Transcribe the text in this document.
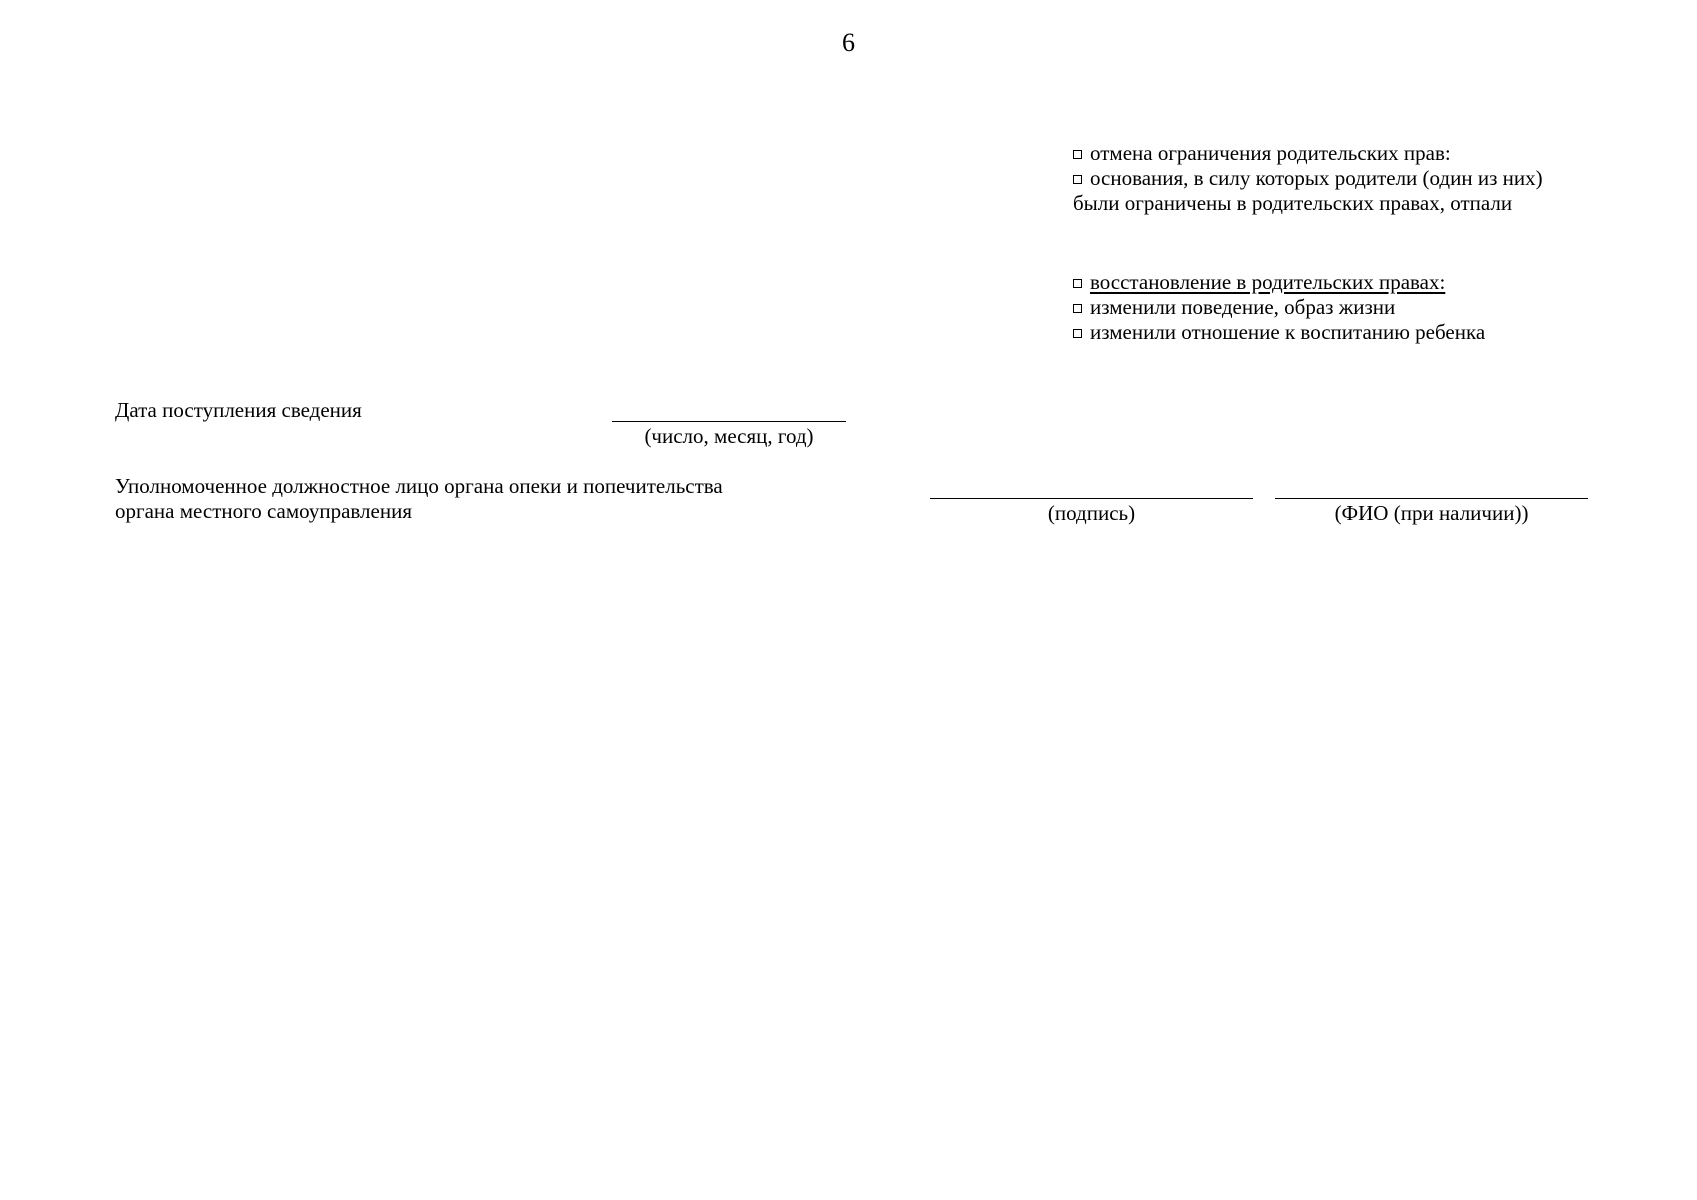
6
отмена ограничения родительских прав:
основания, в силу которых родители (один из них)
были ограничены в родительских правах, отпали
восстановление в родительских правах:
изменили поведение, образ жизни
изменили отношение к воспитанию ребенка
Дата поступления сведения
(число, месяц, год)
Уполномоченное должностное лицо органа опеки и попечительства
органа местного самоуправления	(подпись)	(ФИО (при наличии))
